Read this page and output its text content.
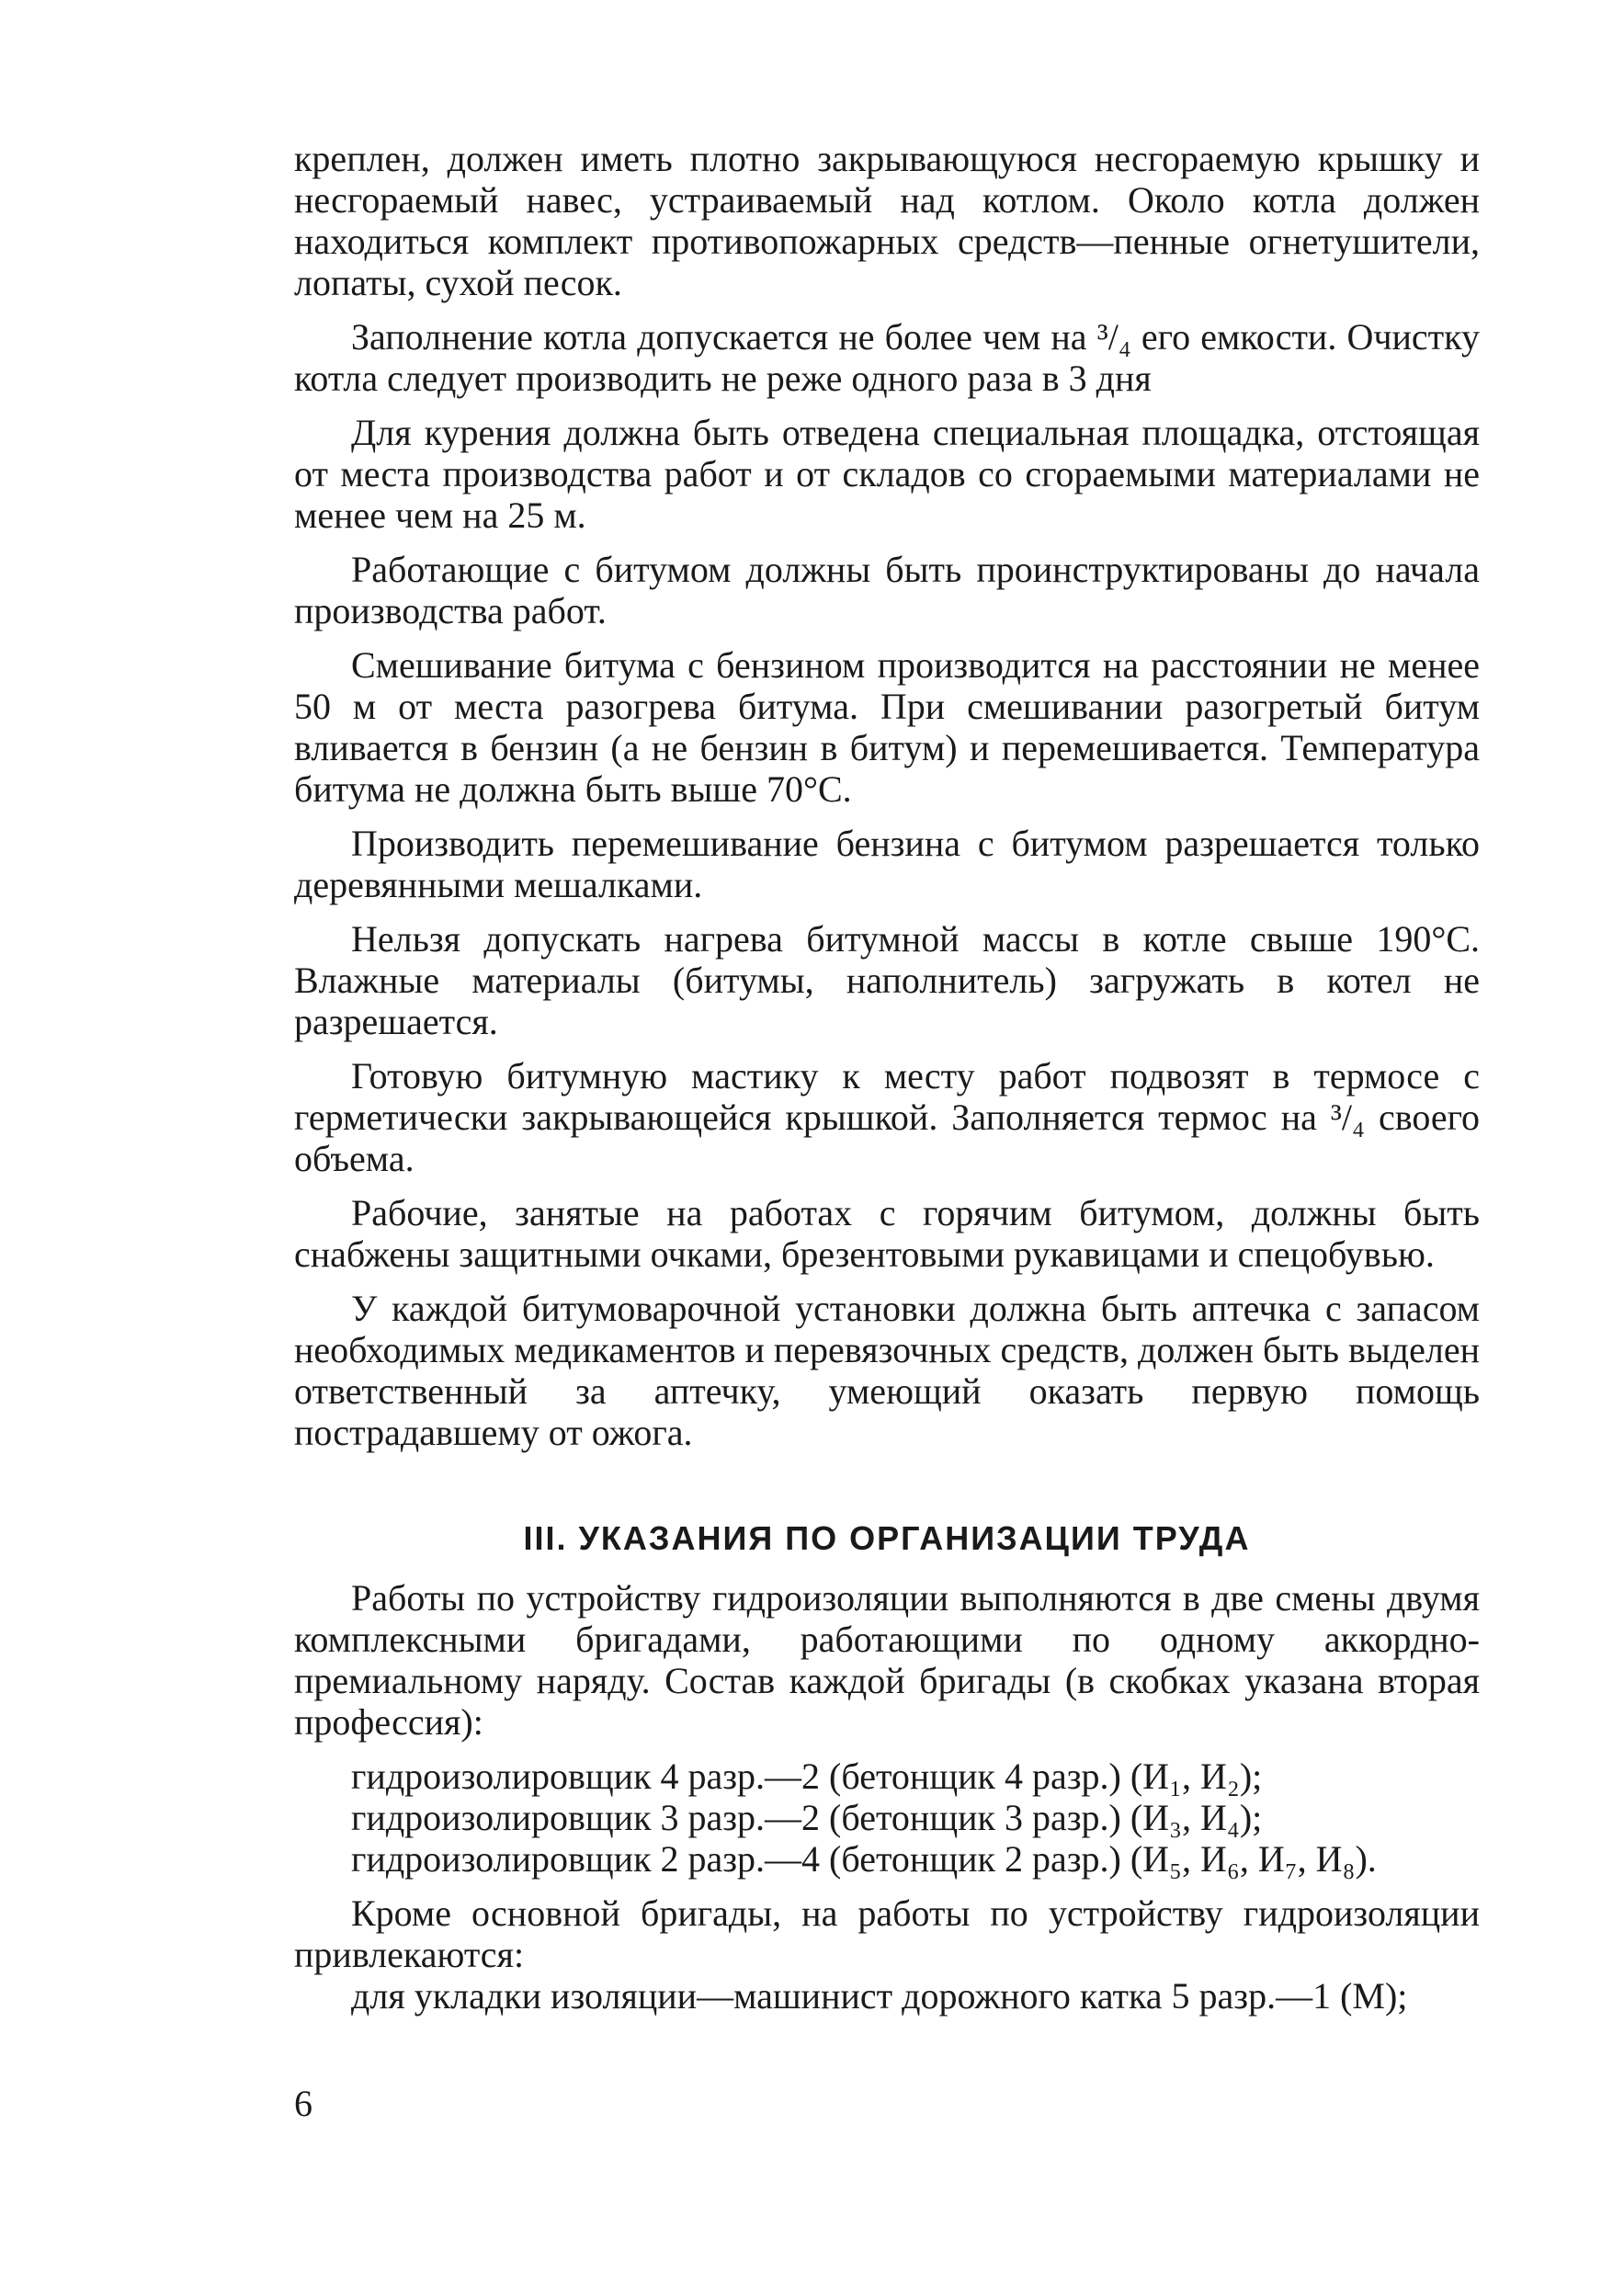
креплен, должен иметь плотно закрывающуюся несгораемую крышку и несгораемый навес, устраиваемый над котлом. Около котла должен находиться комплект противопожарных средств—пенные огнетушители, лопаты, сухой песок.

Заполнение котла допускается не более чем на ³/₄ его емкости. Очистку котла следует производить не реже одного раза в 3 дня

Для курения должна быть отведена специальная площадка, отстоящая от места производства работ и от складов со сгораемыми материалами не менее чем на 25 м.

Работающие с битумом должны быть проинструктированы до начала производства работ.

Смешивание битума с бензином производится на расстоянии не менее 50 м от места разогрева битума. При смешивании разогретый битум вливается в бензин (а не бензин в битум) и перемешивается. Температура битума не должна быть выше 70°С.

Производить перемешивание бензина с битумом разрешается только деревянными мешалками.

Нельзя допускать нагрева битумной массы в котле свыше 190°С. Влажные материалы (битумы, наполнитель) загружать в котел не разрешается.

Готовую битумную мастику к месту работ подвозят в термосе с герметически закрывающейся крышкой. Заполняется термос на ³/₄ своего объема.

Рабочие, занятые на работах с горячим битумом, должны быть снабжены защитными очками, брезентовыми рукавицами и спецобувью.

У каждой битумоварочной установки должна быть аптечка с запасом необходимых медикаментов и перевязочных средств, должен быть выделен ответственный за аптечку, умеющий оказать первую помощь пострадавшему от ожога.

III. УКАЗАНИЯ ПО ОРГАНИЗАЦИИ ТРУДА

Работы по устройству гидроизоляции выполняются в две смены двумя комплексными бригадами, работающими по одному аккордно-премиальному наряду. Состав каждой бригады (в скобках указана вторая профессия):

гидроизолировщик 4 разр.—2 (бетонщик 4 разр.) (И₁, И₂);

гидроизолировщик 3 разр.—2 (бетонщик 3 разр.) (И₃, И₄);

гидроизолировщик 2 разр.—4 (бетонщик 2 разр.) (И₅, И₆, И₇, И₈).

Кроме основной бригады, на работы по устройству гидроизоляции привлекаются:

для укладки изоляции—машинист дорожного катка 5 разр.—1 (М);

6
